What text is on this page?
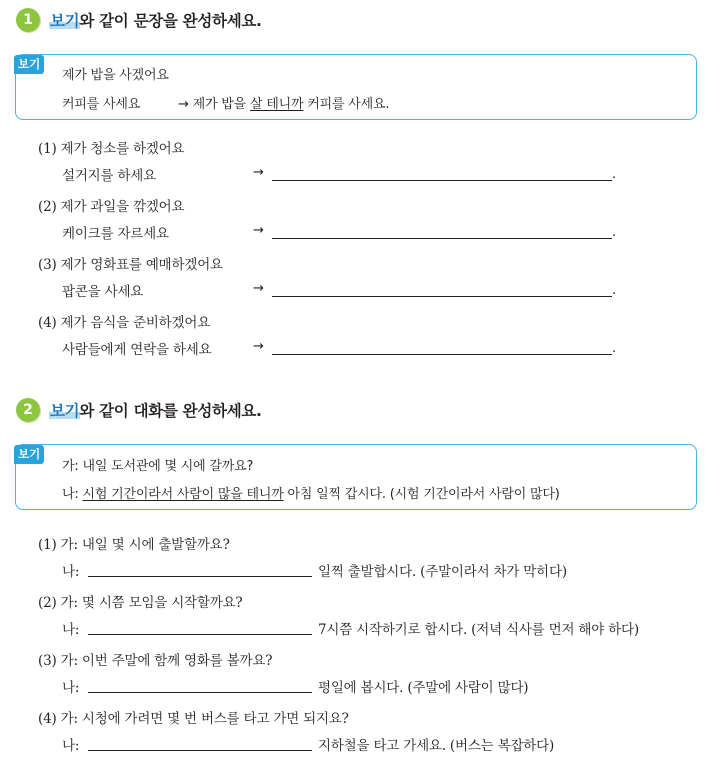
1	보기와 같이 문장을 완성하세요.
보기
제가 밥을 사겠어요
커피를 사세요	→ 제가 밥을 살 테니까 커피를 사세요.
(1) 제가 청소를 하겠어요
설거지를 하세요	→	.
(2) 제가 과일을 깎겠어요
케이크를 자르세요	→	.
(3) 제가 영화표를 예매하겠어요
팝콘을 사세요	→	.
(4) 제가 음식을 준비하겠어요
사람들에게 연락을 하세요	→	.
2	보기와 같이 대화를 완성하세요.
보기
가: 내일 도서관에 몇 시에 갈까요?
나: 시험 기간이라서 사람이 많을 테니까 아침 일찍 갑시다. (시험 기간이라서 사람이 많다)
(1) 가: 내일 몇 시에 출발할까요?
나:	일찍 출발합시다. (주말이라서 차가 막히다)
(2) 가: 몇 시쯤 모임을 시작할까요?
나:	7시쯤 시작하기로 합시다. (저녁 식사를 먼저 해야 하다)
(3) 가: 이번 주말에 함께 영화를 볼까요?
나:	평일에 봅시다. (주말에 사람이 많다)
(4) 가: 시청에 가려면 몇 번 버스를 타고 가면 되지요?
나:	지하철을 타고 가세요. (버스는 복잡하다)
